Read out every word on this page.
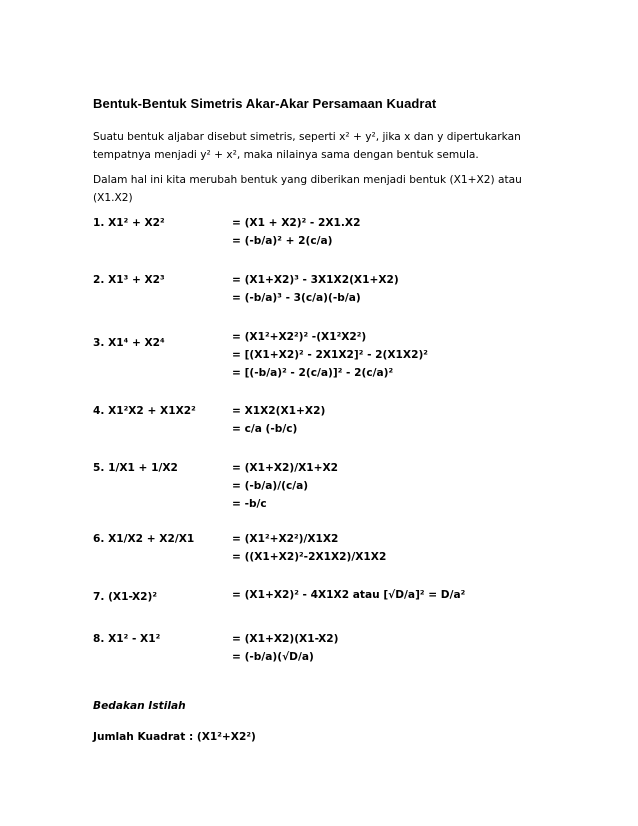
Bentuk-Bentuk Simetris Akar-Akar Persamaan Kuadrat
Suatu bentuk aljabar disebut simetris, seperti x² + y², jika x dan y dipertukarkan tempatnya menjadi y² + x², maka nilainya sama dengan bentuk semula.
Dalam hal ini kita merubah bentuk yang diberikan menjadi bentuk (X1+X2) atau (X1.X2)
1. X1² + X2²	= (X1 + X2)² - 2X1.X2
= (-b/a)² + 2(c/a)
2. X1³ + X2³	= (X1+X2)³ - 3X1X2(X1+X2)
= (-b/a)³ - 3(c/a)(-b/a)
3. X1⁴ + X2⁴	= (X1²+X2²)² -(X1²X2²)
= [(X1+X2)² - 2X1X2]² - 2(X1X2)²
= [(-b/a)² - 2(c/a)]² - 2(c/a)²
4. X1²X2 + X1X2²	= X1X2(X1+X2)
= c/a (-b/c)
5. 1/X1 + 1/X2	= (X1+X2)/X1+X2
= (-b/a)/(c/a)
= -b/c
6. X1/X2 + X2/X1	= (X1²+X2²)/X1X2
= ((X1+X2)²-2X1X2)/X1X2
7. (X1-X2)²	= (X1+X2)² - 4X1X2 atau [√D/a]² = D/a²
8. X1² - X1²	= (X1+X2)(X1-X2)
= (-b/a)(√D/a)
Bedakan Istilah
Jumlah Kuadrat : (X1²+X2²)
